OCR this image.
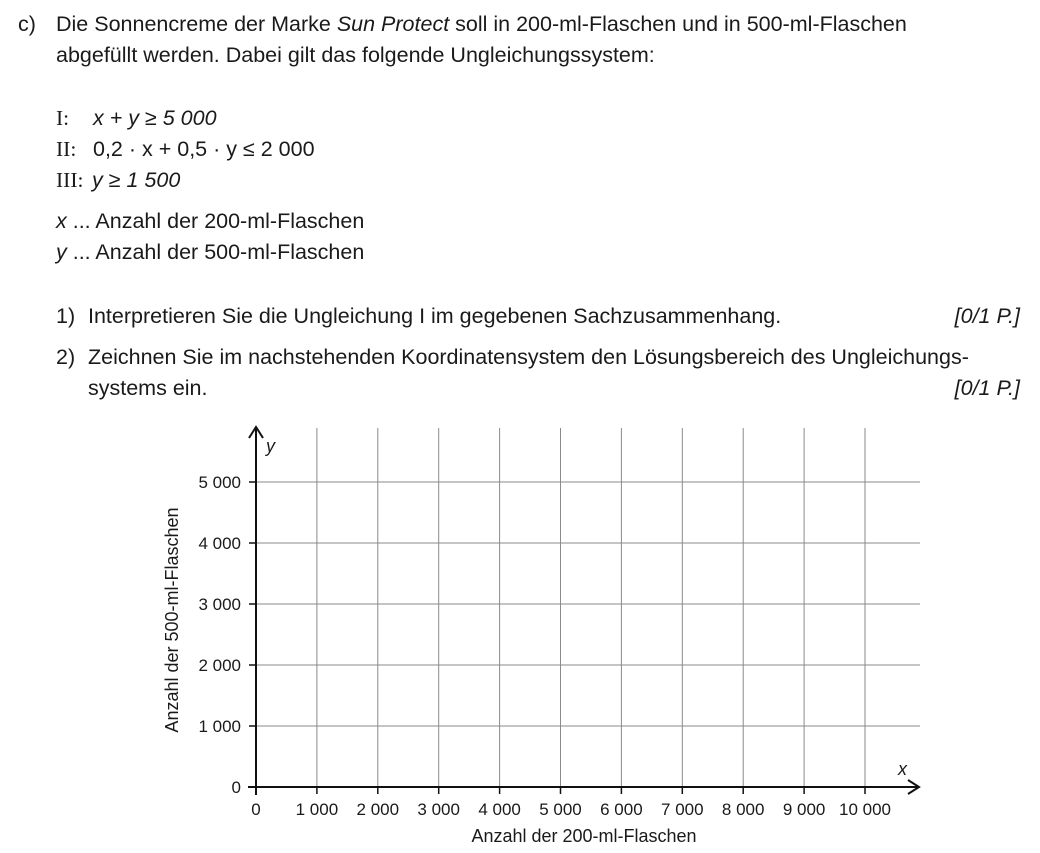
c) Die Sonnencreme der Marke Sun Protect soll in 200-ml-Flaschen und in 500-ml-Flaschen
abgefüllt werden. Dabei gilt das folgende Ungleichungssystem:
I: x + y ≥ 5 000
II: 0,2 · x + 0,5 · y ≤ 2 000
III: y ≥ 1 500
x ... Anzahl der 200-ml-Flaschen
y ... Anzahl der 500-ml-Flaschen
1) Interpretieren Sie die Ungleichung I im gegebenen Sachzusammenhang.	[0/1 P.]
2) Zeichnen Sie im nachstehenden Koordinatensystem den Lösungsbereich des Ungleichungs-
systems ein.	[0/1 P.]
0 1 000 2 000 3 000 4 000 5 000 6 000 7 000 8 000 9 000 10 000
0
1 000
2 000
3 000
4 000
5 000
y
x
Anzahl der 200-ml-Flaschen
Anzahl der 500-ml-Flaschen
